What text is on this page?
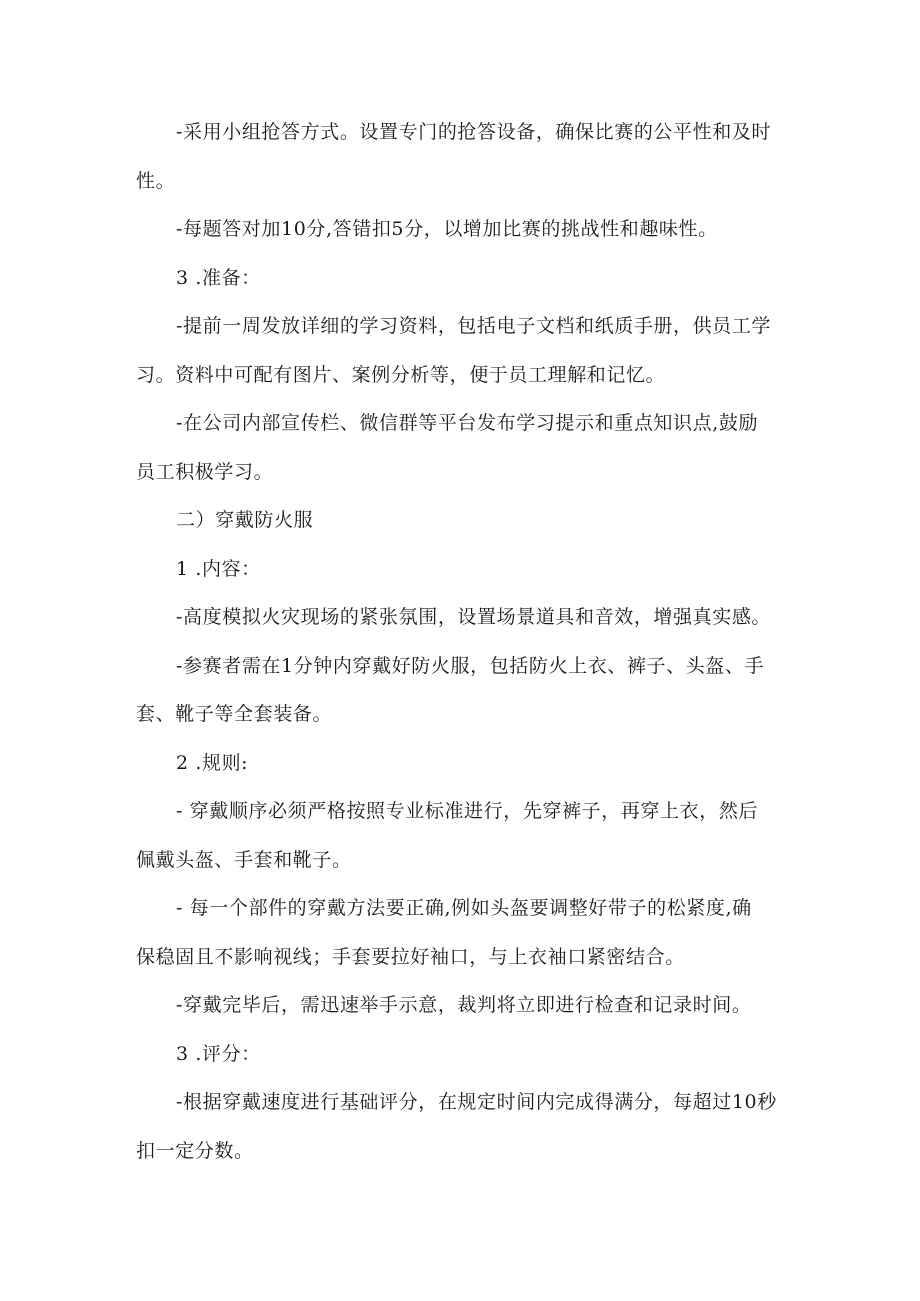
-采用小组抢答方式。设置专门的抢答设备，确保比赛的公平性和及时

性。

-每题答对加10分,答错扣5分，以增加比赛的挑战性和趣味性。

3 .准备：

-提前一周发放详细的学习资料，包括电子文档和纸质手册，供员工学

习。资料中可配有图片、案例分析等，便于员工理解和记忆。

-在公司内部宣传栏、微信群等平台发布学习提示和重点知识点,鼓励

员工积极学习。

二）穿戴防火服

1 .内容：

-高度模拟火灾现场的紧张氛围，设置场景道具和音效，增强真实感。

-参赛者需在1分钟内穿戴好防火服，包括防火上衣、裤子、头盔、手

套、靴子等全套装备。

2 .规则:

- 穿戴顺序必须严格按照专业标准进行，先穿裤子，再穿上衣，然后

佩戴头盔、手套和靴子。

- 每一个部件的穿戴方法要正确,例如头盔要调整好带子的松紧度,确

保稳固且不影响视线；手套要拉好袖口，与上衣袖口紧密结合。

-穿戴完毕后，需迅速举手示意，裁判将立即进行检查和记录时间。

3 .评分：

-根据穿戴速度进行基础评分，在规定时间内完成得满分，每超过10秒

扣一定分数。
